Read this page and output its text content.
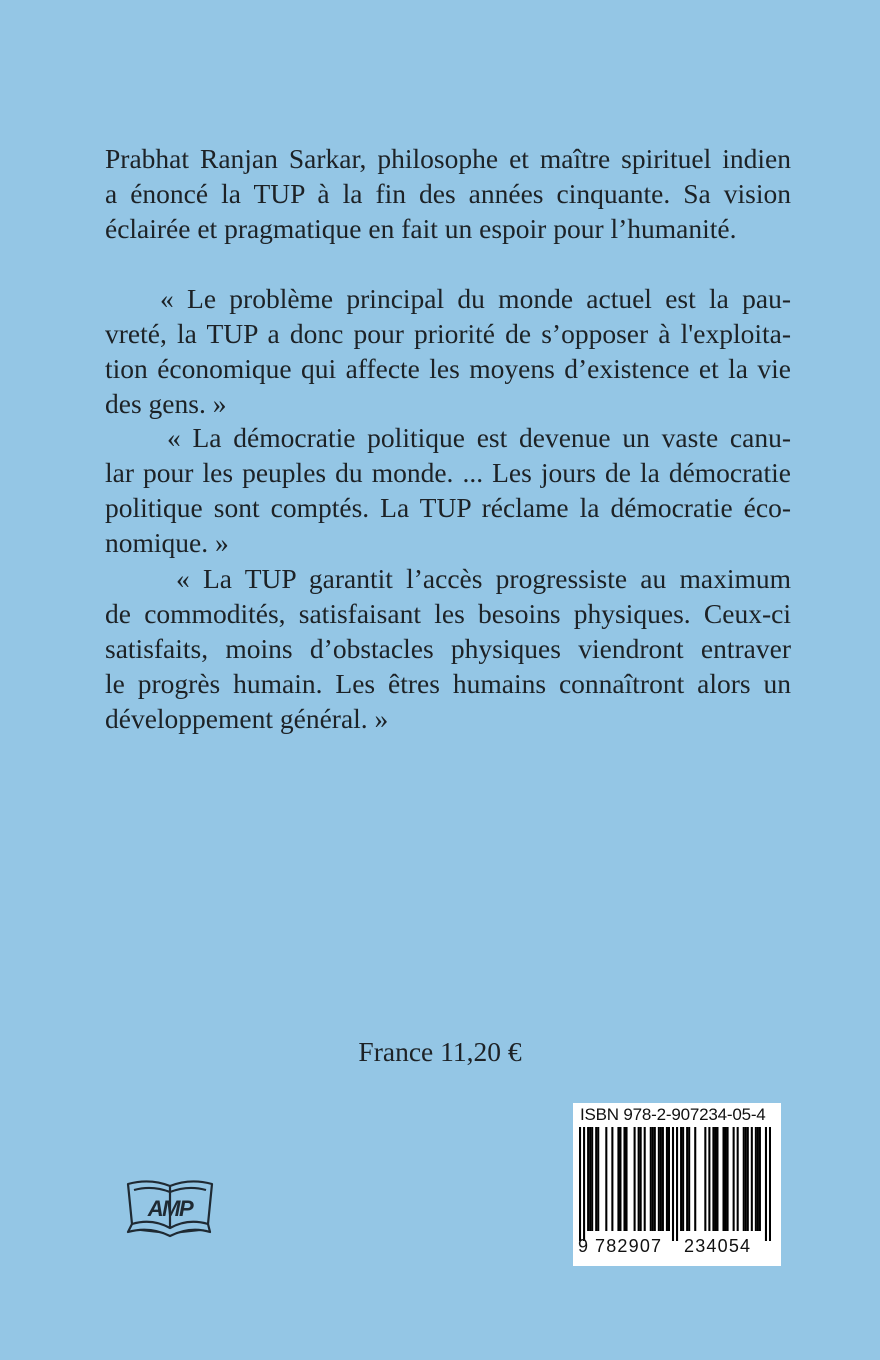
Prabhat Ranjan Sarkar, philosophe et maître spirituel indien
a énoncé la TUP à la fin des années cinquante. Sa vision
éclairée et pragmatique en fait un espoir pour l’humanité.
« Le problème principal du monde actuel est la pau-
vreté, la TUP a donc pour priorité de s’opposer à l'exploita-
tion économique qui affecte les moyens d’existence et la vie
des gens. »
« La démocratie politique est devenue un vaste canu-
lar pour les peuples du monde. ... Les jours de la démocratie
politique sont comptés. La TUP réclame la démocratie éco-
nomique. »
« La TUP garantit l’accès progressiste au maximum
de commodités, satisfaisant les besoins physiques. Ceux-ci
satisfaits, moins d’obstacles physiques viendront entraver
le progrès humain. Les êtres humains connaîtront alors un
développement général. »
France 11,20 €
AMP
ISBN 978-2-907234-05-4
9 782907 234054
